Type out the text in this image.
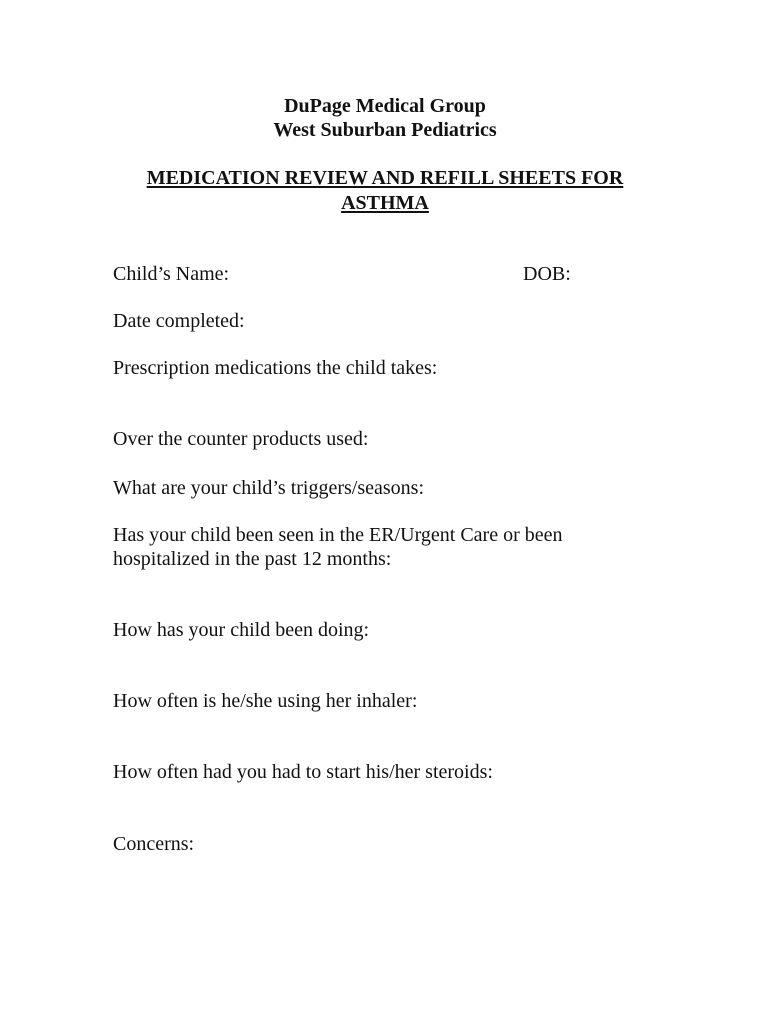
DuPage Medical Group
West Suburban Pediatrics
MEDICATION REVIEW AND REFILL SHEETS FOR
ASTHMA
Child’s Name:	DOB:
Date completed:
Prescription medications the child takes:
Over the counter products used:
What are your child’s triggers/seasons:
Has your child been seen in the ER/Urgent Care or been
hospitalized in the past 12 months:
How has your child been doing:
How often is he/she using her inhaler:
How often had you had to start his/her steroids:
Concerns:
